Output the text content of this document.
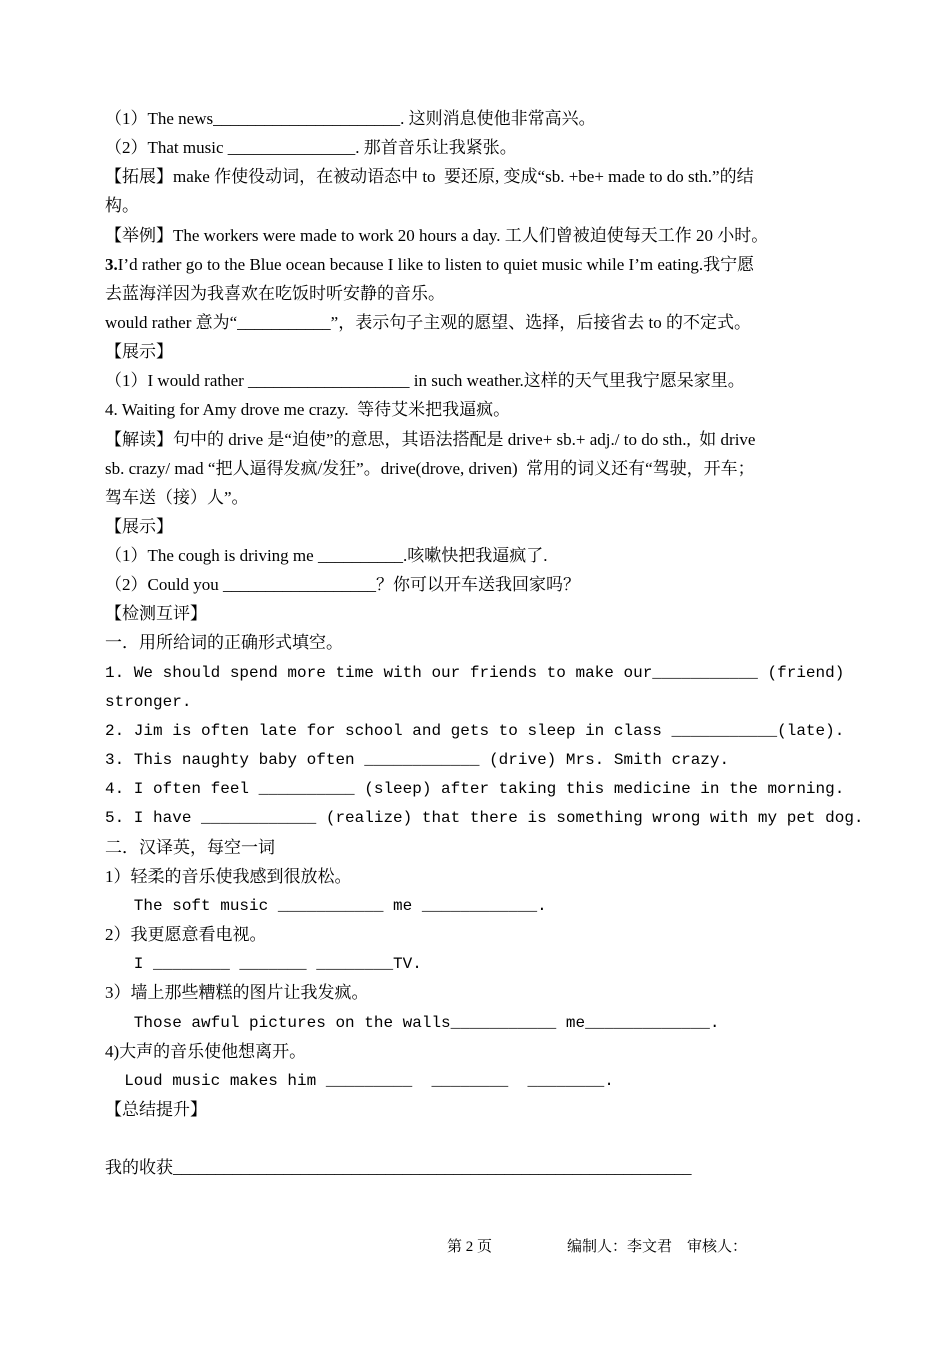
（1）The news______________________. 这则消息使他非常高兴。
（2）That music _______________. 那首音乐让我紧张。
【拓展】make 作使役动词，在被动语态中 to  要还原, 变成“sb. +be+ made to do sth.”的结
构。
【举例】The workers were made to work 20 hours a day. 工人们曾被迫使每天工作 20 小时。
3.I’d rather go to the Blue ocean because I like to listen to quiet music while I’m eating.我宁愿
去蓝海洋因为我喜欢在吃饭时听安静的音乐。
would rather 意为“___________”，表示句子主观的愿望、选择，后接省去 to 的不定式。
【展示】
（1）I would rather ___________________ in such weather.这样的天气里我宁愿呆家里。
4. Waiting for Amy drove me crazy.  等待艾米把我逼疯。
【解读】句中的 drive 是“迫使”的意思，其语法搭配是 drive+ sb.+ adj./ to do sth.,  如 drive
sb. crazy/ mad “把人逼得发疯/发狂”。drive(drove, driven)  常用的词义还有“驾驶，开车；
驾车送（接）人”。
【展示】
（1）The cough is driving me __________.咳嗽快把我逼疯了.
（2）Could you __________________？你可以开车送我回家吗？
【检测互评】
一．用所给词的正确形式填空。
1. We should spend more time with our friends to make our___________ (friend)
stronger.
2. Jim is often late for school and gets to sleep in class ___________(late).
3. This naughty baby often ____________ (drive) Mrs. Smith crazy.
4. I often feel __________ (sleep) after taking this medicine in the morning.
5. I have ____________ (realize) that there is something wrong with my pet dog.
二．汉译英，每空一词
1）轻柔的音乐使我感到很放松。
The soft music ___________ me ____________.
2）我更愿意看电视。
I ________ _______ ________TV.
3）墙上那些糟糕的图片让我发疯。
Those awful pictures on the walls___________ me_____________.
4)大声的音乐使他想离开。
Loud music makes him _________  ________  ________.
【总结提升】
我的收获_____________________________________________________________
第 2 页	编制人：李文君    审核人：
